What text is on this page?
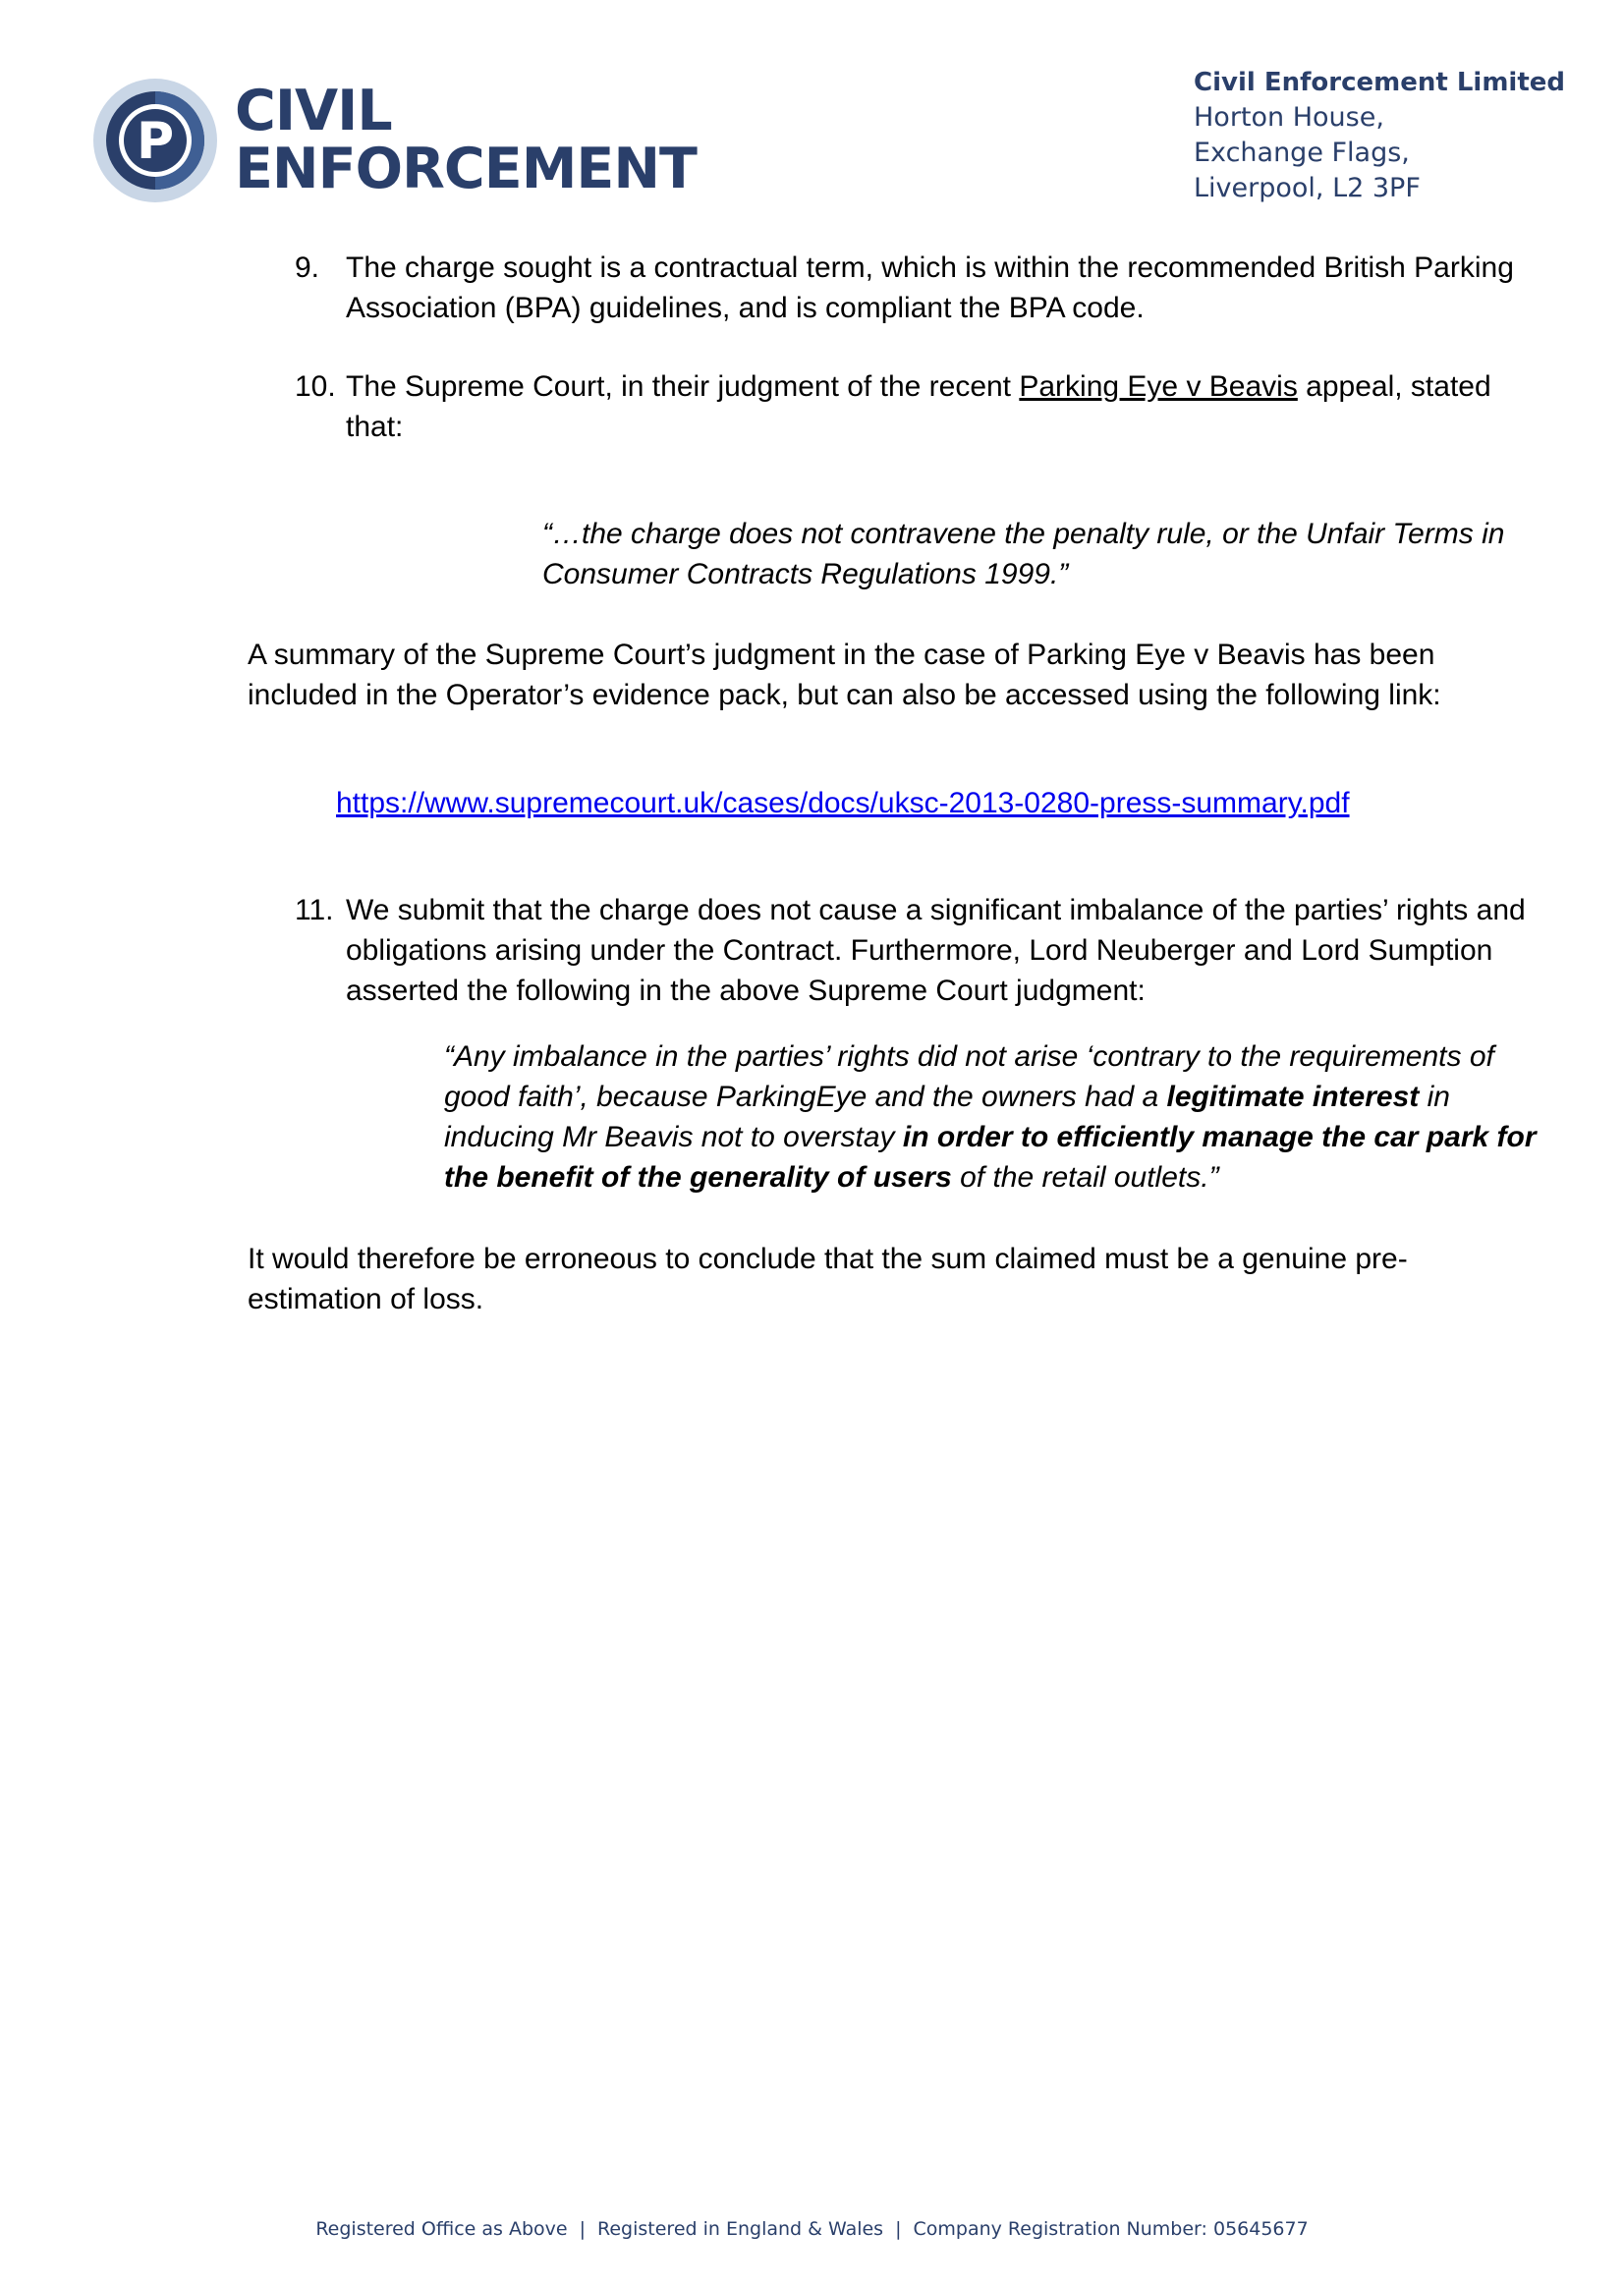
P CIVIL
ENFORCEMENT
Civil Enforcement Limited
Horton House,
Exchange Flags,
Liverpool, L2 3PF
9. The charge sought is a contractual term, which is within the recommended British Parking Association (BPA) guidelines, and is compliant the BPA code.
10. The Supreme Court, in their judgment of the recent Parking Eye v Beavis appeal, stated that:
“…the charge does not contravene the penalty rule, or the Unfair Terms in Consumer Contracts Regulations 1999.”
A summary of the Supreme Court’s judgment in the case of Parking Eye v Beavis has been included in the Operator’s evidence pack, but can also be accessed using the following link:
https://www.supremecourt.uk/cases/docs/uksc-2013-0280-press-summary.pdf
11. We submit that the charge does not cause a significant imbalance of the parties’ rights and obligations arising under the Contract. Furthermore, Lord Neuberger and Lord Sumption asserted the following in the above Supreme Court judgment:
“Any imbalance in the parties’ rights did not arise ‘contrary to the requirements of good faith’, because ParkingEye and the owners had a legitimate interest in inducing Mr Beavis not to overstay in order to efficiently manage the car park for the benefit of the generality of users of the retail outlets.”
It would therefore be erroneous to conclude that the sum claimed must be a genuine pre-estimation of loss.
Registered Office as Above | Registered in England & Wales | Company Registration Number: 05645677
